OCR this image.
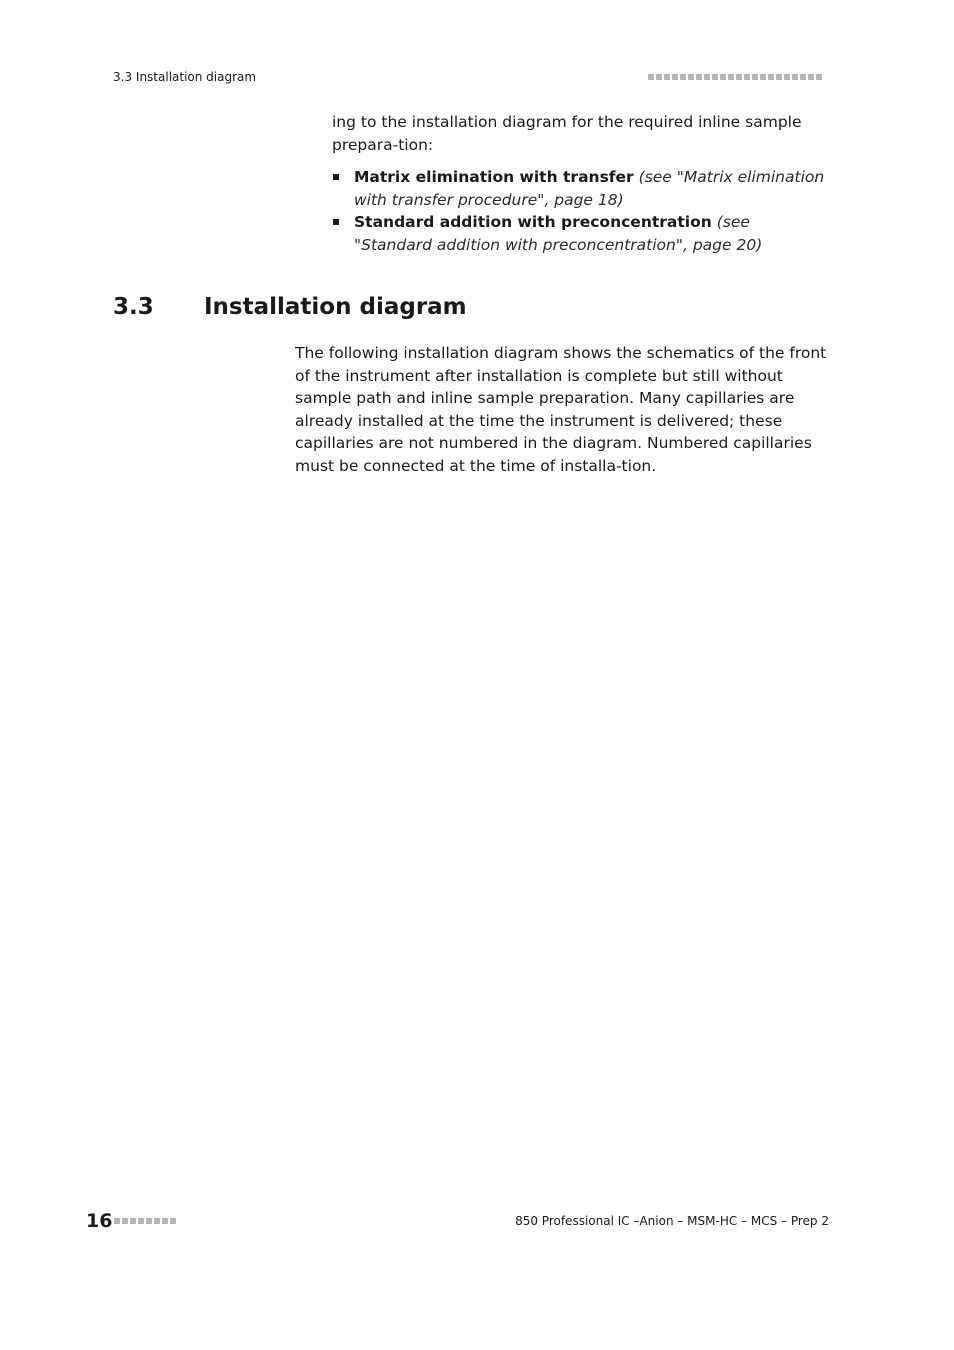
3.3 Installation diagram

ing to the installation diagram for the required inline sample prepara-tion:

Matrix elimination with transfer (see "Matrix elimination with transfer procedure", page 18)
Standard addition with preconcentration (see "Standard addition with preconcentration", page 20)
3.3 Installation diagram

The following installation diagram shows the schematics of the front of the instrument after installation is complete but still without sample path and inline sample preparation. Many capillaries are already installed at the time the instrument is delivered; these capillaries are not numbered in the diagram. Numbered capillaries must be connected at the time of installa-tion.

16	850 Professional IC –Anion – MSM-HC – MCS – Prep 2
